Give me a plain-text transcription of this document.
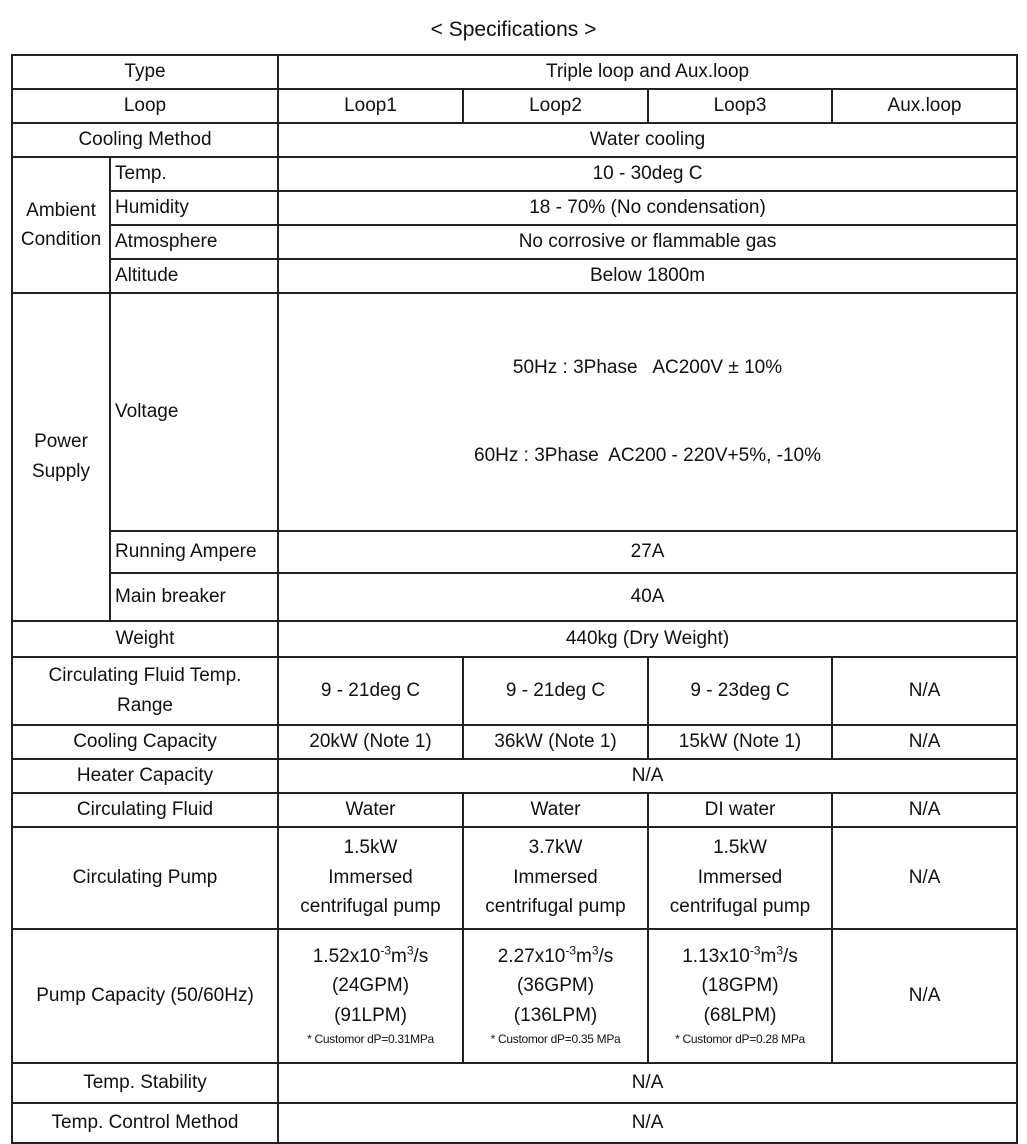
< Specifications >
Type		Triple loop and Aux.loop			
Loop		Loop1	Loop2	Loop3	Aux.loop
Cooling Method		Water cooling			

Ambient
Condition	Temp.	10 - 30deg C			
	Humidity	18 - 70% (No condensation)			
	Atmosphere	No corrosive or flammable gas			
	Altitude	Below 1800m			

Power
Supply	Voltage	50Hz : 3Phase   AC200V ± 10%

60Hz : 3Phase  AC200 - 220V+5%, -10%			

	Running Ampere	27A			
	Main breaker	40A			
Weight		440kg (Dry Weight)			

Circulating Fluid Temp.
Range		9 - 21deg C	9 - 21deg C	9 - 23deg C	N/A
Cooling Capacity		20kW (Note 1)	36kW (Note 1)	15kW (Note 1)	N/A
Heater Capacity		N/A			
Circulating Fluid		Water	Water	DI water	N/A
Circulating Pump		1.5kW
Immersed
centrifugal pump	3.7kW
Immersed
centrifugal pump	1.5kW
Immersed
centrifugal pump	N/A
Pump Capacity (50/60Hz)		$1.52x10^{-3}m^3/s$
(24GPM)
(91LPM)
* Customor dP=0.31MPa	$2.27x10^{-3}m^3/s$
(36GPM)
(136LPM)
* Customor dP=0.35 MPa	$1.13x10^{-3}m^3/s$
(18GPM)
(68LPM)
* Customor dP=0.28 MPa	N/A
Temp. Stability		N/A			
Temp. Control Method		N/A			
